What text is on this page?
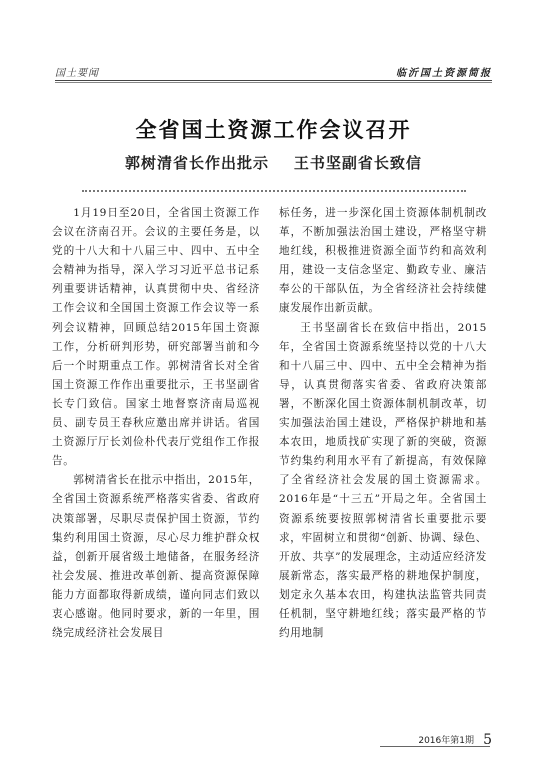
国土要闻	临沂国土资源简报
全省国土资源工作会议召开
郭树清省长作出批示    王书坚副省长致信

1月19日至20日，全省国土资源工作会议在济南召开。会议的主要任务是，以党的十八大和十八届三中、四中、五中全会精神为指导，深入学习习近平总书记系列重要讲话精神，认真贯彻中央、省经济工作会议和全国国土资源工作会议等一系列会议精神，回顾总结2015年国土资源工作，分析研判形势，研究部署当前和今后一个时期重点工作。郭树清省长对全省国土资源工作作出重要批示，王书坚副省长专门致信。国家土地督察济南局巡视员、副专员王春秋应邀出席并讲话。省国土资源厅厅长刘俭朴代表厅党组作工作报告。

郭树清省长在批示中指出，2015年，全省国土资源系统严格落实省委、省政府决策部署，尽职尽责保护国土资源，节约集约利用国土资源，尽心尽力维护群众权益，创新开展省级土地储备，在服务经济社会发展、推进改革创新、提高资源保障能力方面都取得新成绩，谨向同志们致以衷心感谢。他同时要求，新的一年里，围绕完成经济社会发展目

标任务，进一步深化国土资源体制机制改革，不断加强法治国土建设，严格坚守耕地红线，积极推进资源全面节约和高效利用，建设一支信念坚定、勤政专业、廉洁奉公的干部队伍，为全省经济社会持续健康发展作出新贡献。

王书坚副省长在致信中指出，2015年，全省国土资源系统坚持以党的十八大和十八届三中、四中、五中全会精神为指导，认真贯彻落实省委、省政府决策部署，不断深化国土资源体制机制改革，切实加强法治国土建设，严格保护耕地和基本农田，地质找矿实现了新的突破，资源节约集约利用水平有了新提高，有效保障了全省经济社会发展的国土资源需求。2016年是“十三五”开局之年。全省国土资源系统要按照郭树清省长重要批示要求，牢固树立和贯彻“创新、协调、绿色、开放、共享”的发展理念，主动适应经济发展新常态，落实最严格的耕地保护制度，划定永久基本农田，构建执法监管共同责任机制，坚守耕地红线；落实最严格的节约用地制

2016年第1期 5
